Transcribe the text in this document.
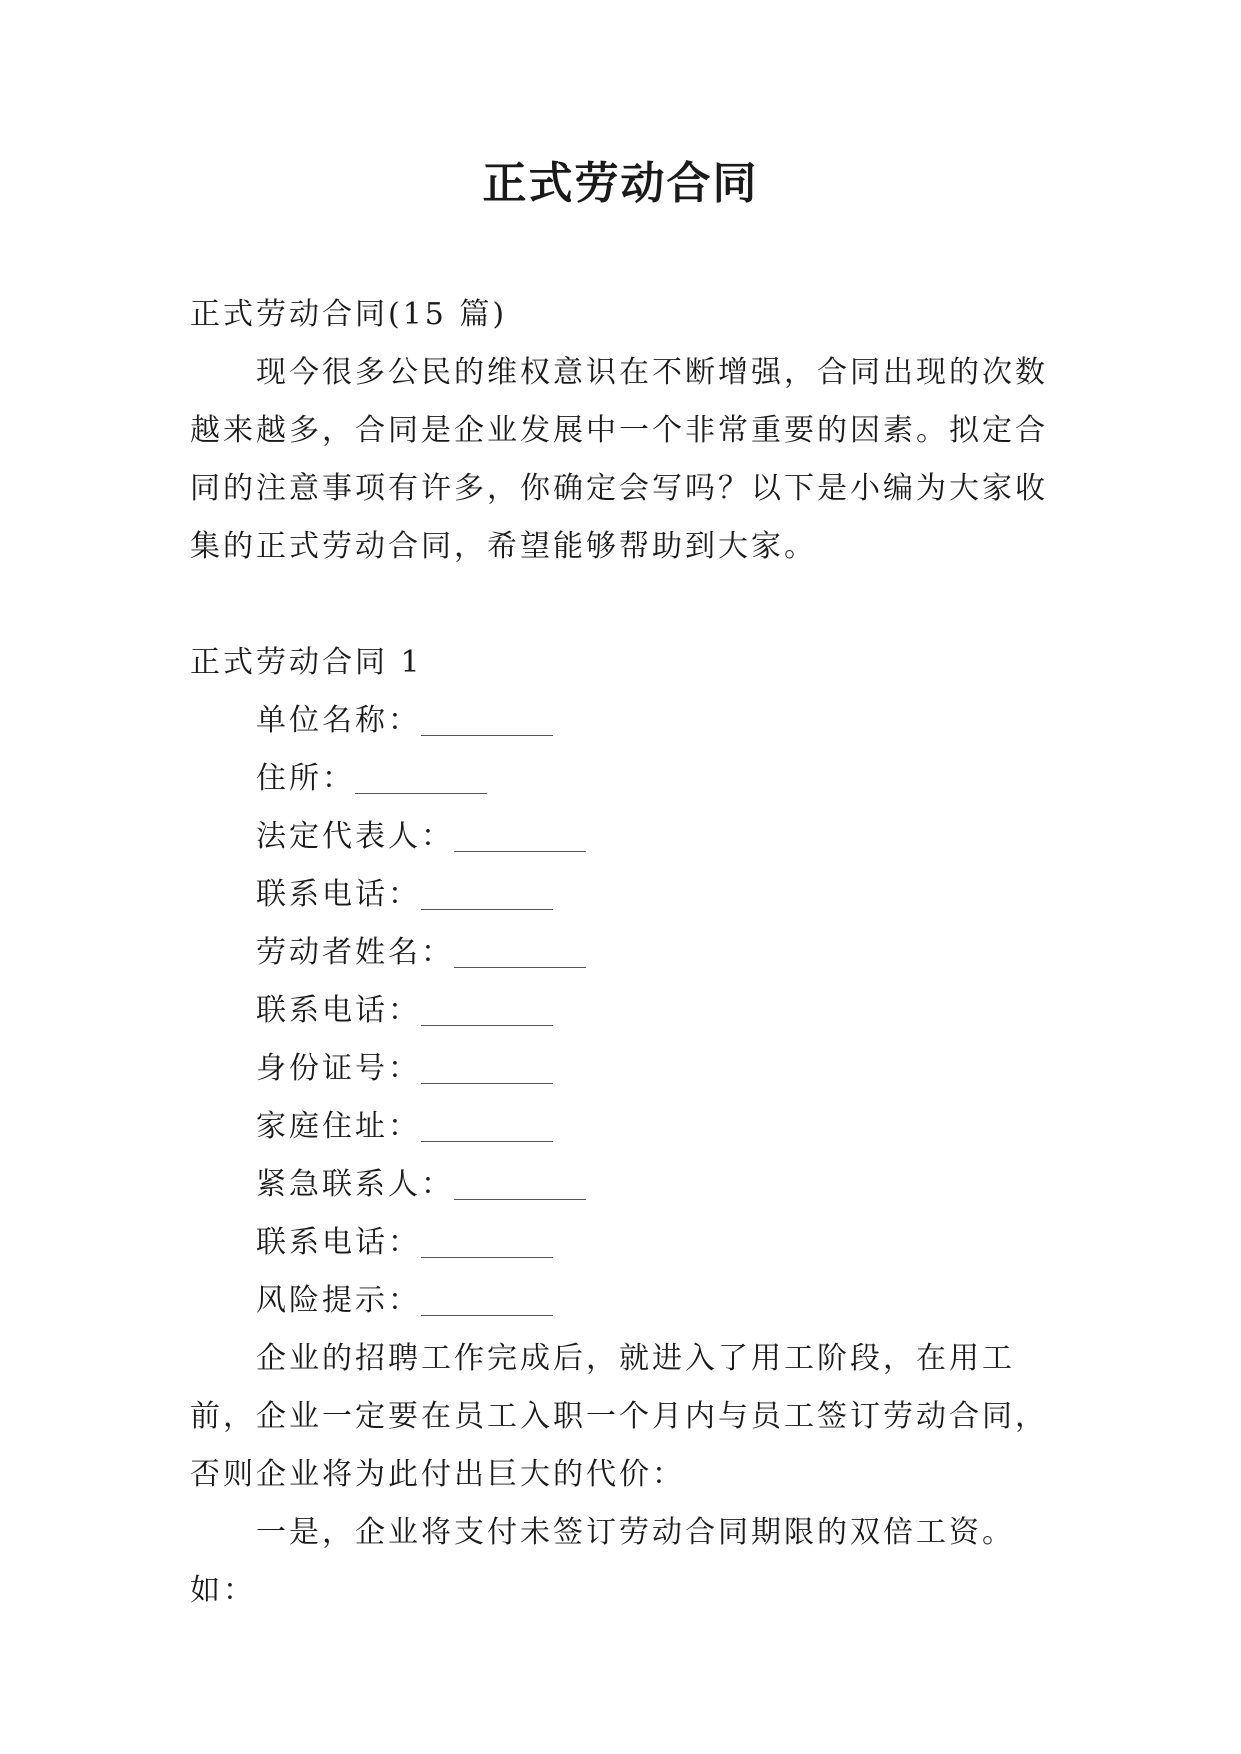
正式劳动合同
正式劳动合同(15 篇)
现今很多公民的维权意识在不断增强，合同出现的次数越来越多，合同是企业发展中一个非常重要的因素。拟定合同的注意事项有许多，你确定会写吗？以下是小编为大家收集的正式劳动合同，希望能够帮助到大家。
正式劳动合同 1
单位名称：
住所：
法定代表人：
联系电话：
劳动者姓名：
联系电话：
身份证号：
家庭住址：
紧急联系人：
联系电话：
风险提示：
企业的招聘工作完成后，就进入了用工阶段，在用工前，企业一定要在员工入职一个月内与员工签订劳动合同，否则企业将为此付出巨大的代价：
一是，企业将支付未签订劳动合同期限的双倍工资。如：
